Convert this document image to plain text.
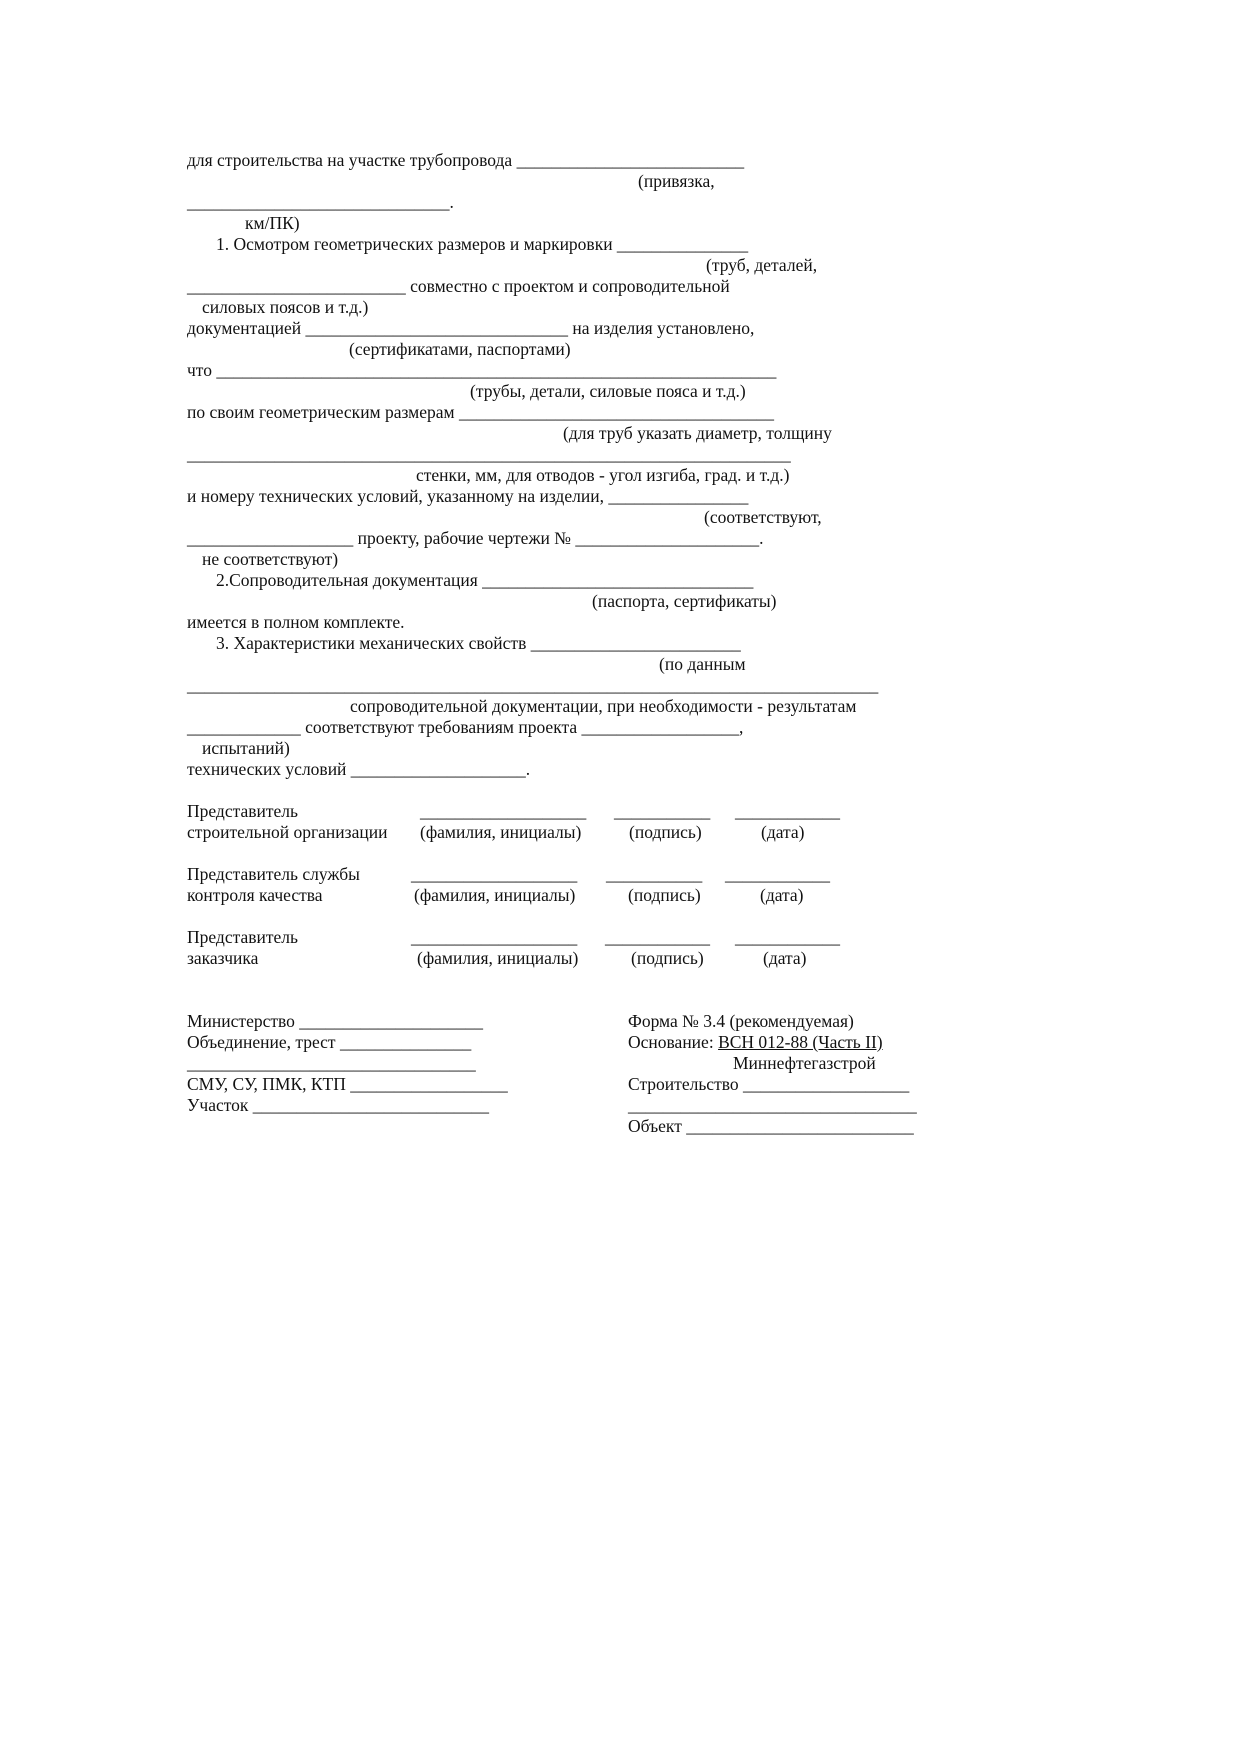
для строительства на участке трубопровода __________________________
(привязка,
______________________________.
км/ПК)
1. Осмотром геометрических размеров и маркировки _______________
(труб, деталей,
_________________________ совместно с проектом и сопроводительной
силовых поясов и т.д.)
документацией ______________________________ на изделия установлено,
(сертификатами, паспортами)
что ________________________________________________________________
(трубы, детали, силовые пояса и т.д.)
по своим геометрическим размерам ____________________________________
(для труб указать диаметр, толщину
_____________________________________________________________________
стенки, мм, для отводов - угол изгиба, град. и т.д.)
и номеру технических условий, указанному на изделии, ________________
(соответствуют,
___________________ проекту, рабочие чертежи № _____________________.
не соответствуют)
2.Сопроводительная документация _______________________________
(паспорта, сертификаты)
имеется в полном комплекте.
3. Характеристики механических свойств ________________________
(по данным
_______________________________________________________________________________
сопроводительной документации, при необходимости - результатам
_____________ соответствуют требованиям проекта __________________,
испытаний)
технических условий ____________________.
Представитель	___________________ ___________ ____________
строительной организации (фамилия, инициалы)	(подпись)	(дата)
Представитель службы	___________________ ___________ ____________
контроля качества	(фамилия, инициалы)	(подпись)	(дата)
Представитель	___________________ ____________ ____________
заказчика	(фамилия, инициалы)	(подпись)	(дата)
Министерство _____________________
Объединение, трест _______________
_________________________________
СМУ, СУ, ПМК, КТП __________________
Участок ___________________________
Форма № 3.4 (рекомендуемая)
Основание: ВСН 012-88 (Часть II)
Миннефтегазстрой
Строительство ___________________
_________________________________
Объект __________________________
